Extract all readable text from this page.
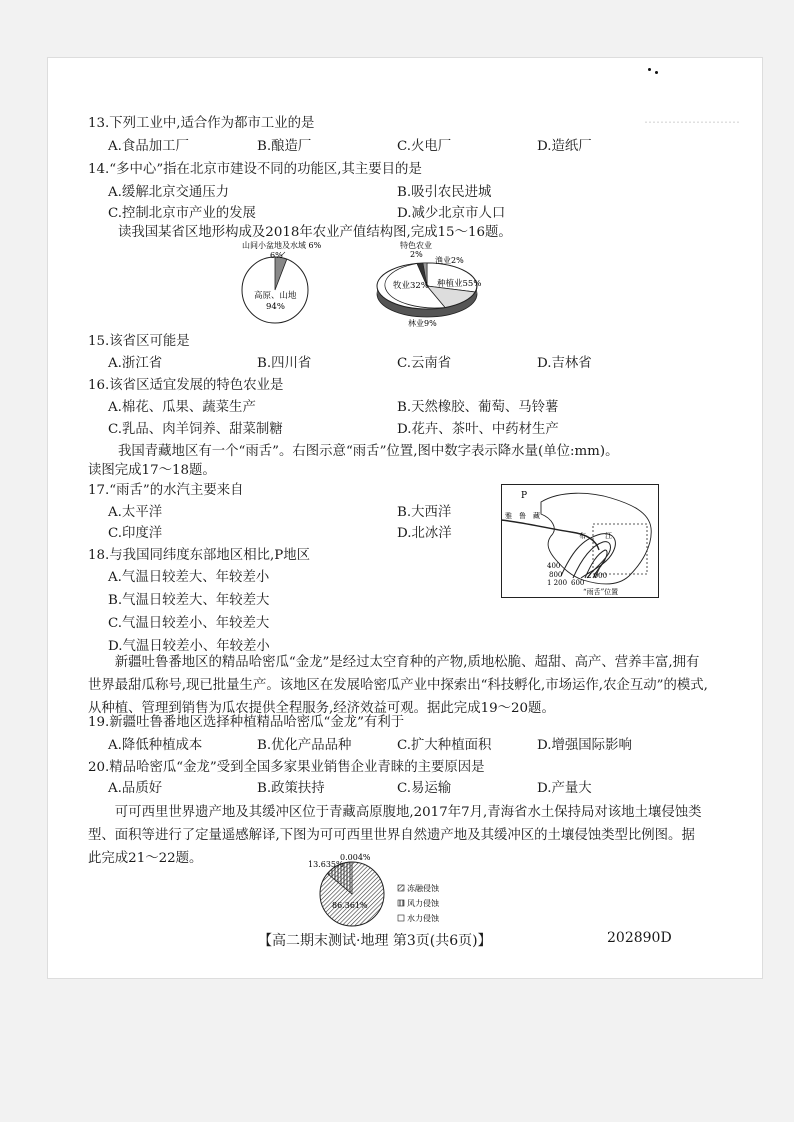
……………………
13.下列工业中,适合作为都市工业的是
A.食品加工厂	B.酿造厂	C.火电厂	D.造纸厂
14.“多中心”指在北京市建设不同的功能区,其主要目的是
A.缓解北京交通压力	B.吸引农民进城
C.控制北京市产业的发展	D.减少北京市人口
读我国某省区地形构成及2018年农业产值结构图,完成15～16题。
山间小盆地及水域 6%
6%
高原、山地
94%
牧业32% 种植业55%
特色农业
2%
渔业2%
林业9%
15.该省区可能是
A.浙江省	B.四川省	C.云南省	D.吉林省
16.该省区适宜发展的特色农业是
A.棉花、瓜果、蔬菜生产	B.天然橡胶、葡萄、马铃薯
C.乳品、肉羊饲养、甜菜制糖	D.花卉、茶叶、中药材生产
我国青藏地区有一个“雨舌”。右图示意“雨舌”位置,图中数字表示降水量(单位:mm)。
读图完成17～18题。
17.“雨舌”的水汽主要来自
A.太平洋	B.大西洋
C.印度洋	D.北冰洋
18.与我国同纬度东部地区相比,P地区
A.气温日较差大、年较差小
B.气温日较差大、年较差大
C.气温日较差小、年较差大
D.气温日较差小、年较差小
P
雅 鲁 藏
布	江
400
800
1 200 600
2 000
“雨舌”位置

新疆吐鲁番地区的精品哈密瓜“金龙”是经过太空育种的产物,质地松脆、超甜、高产、营养丰富,拥有世界最甜瓜称号,现已批量生产。该地区在发展哈密瓜产业中探索出“科技孵化,市场运作,农企互动”的模式,从种植、管理到销售为瓜农提供全程服务,经济效益可观。据此完成19～20题。

19.新疆吐鲁番地区选择种植精品哈密瓜“金龙”有利于
A.降低种植成本	B.优化产品品种	C.扩大种植面积	D.增强国际影响
20.精品哈密瓜“金龙”受到全国多家果业销售企业青睐的主要原因是
A.品质好	B.政策扶持	C.易运输	D.产量大

可可西里世界遗产地及其缓冲区位于青藏高原腹地,2017年7月,青海省水土保持局对该地土壤侵蚀类型、面积等进行了定量遥感解译,下图为可可西里世界自然遗产地及其缓冲区的土壤侵蚀类型比例图。据此完成21～22题。

86.361%
13.635%
0.004%
冻融侵蚀
风力侵蚀
水力侵蚀
【高二期末测试·地理 第3页(共6页)】	202890D
